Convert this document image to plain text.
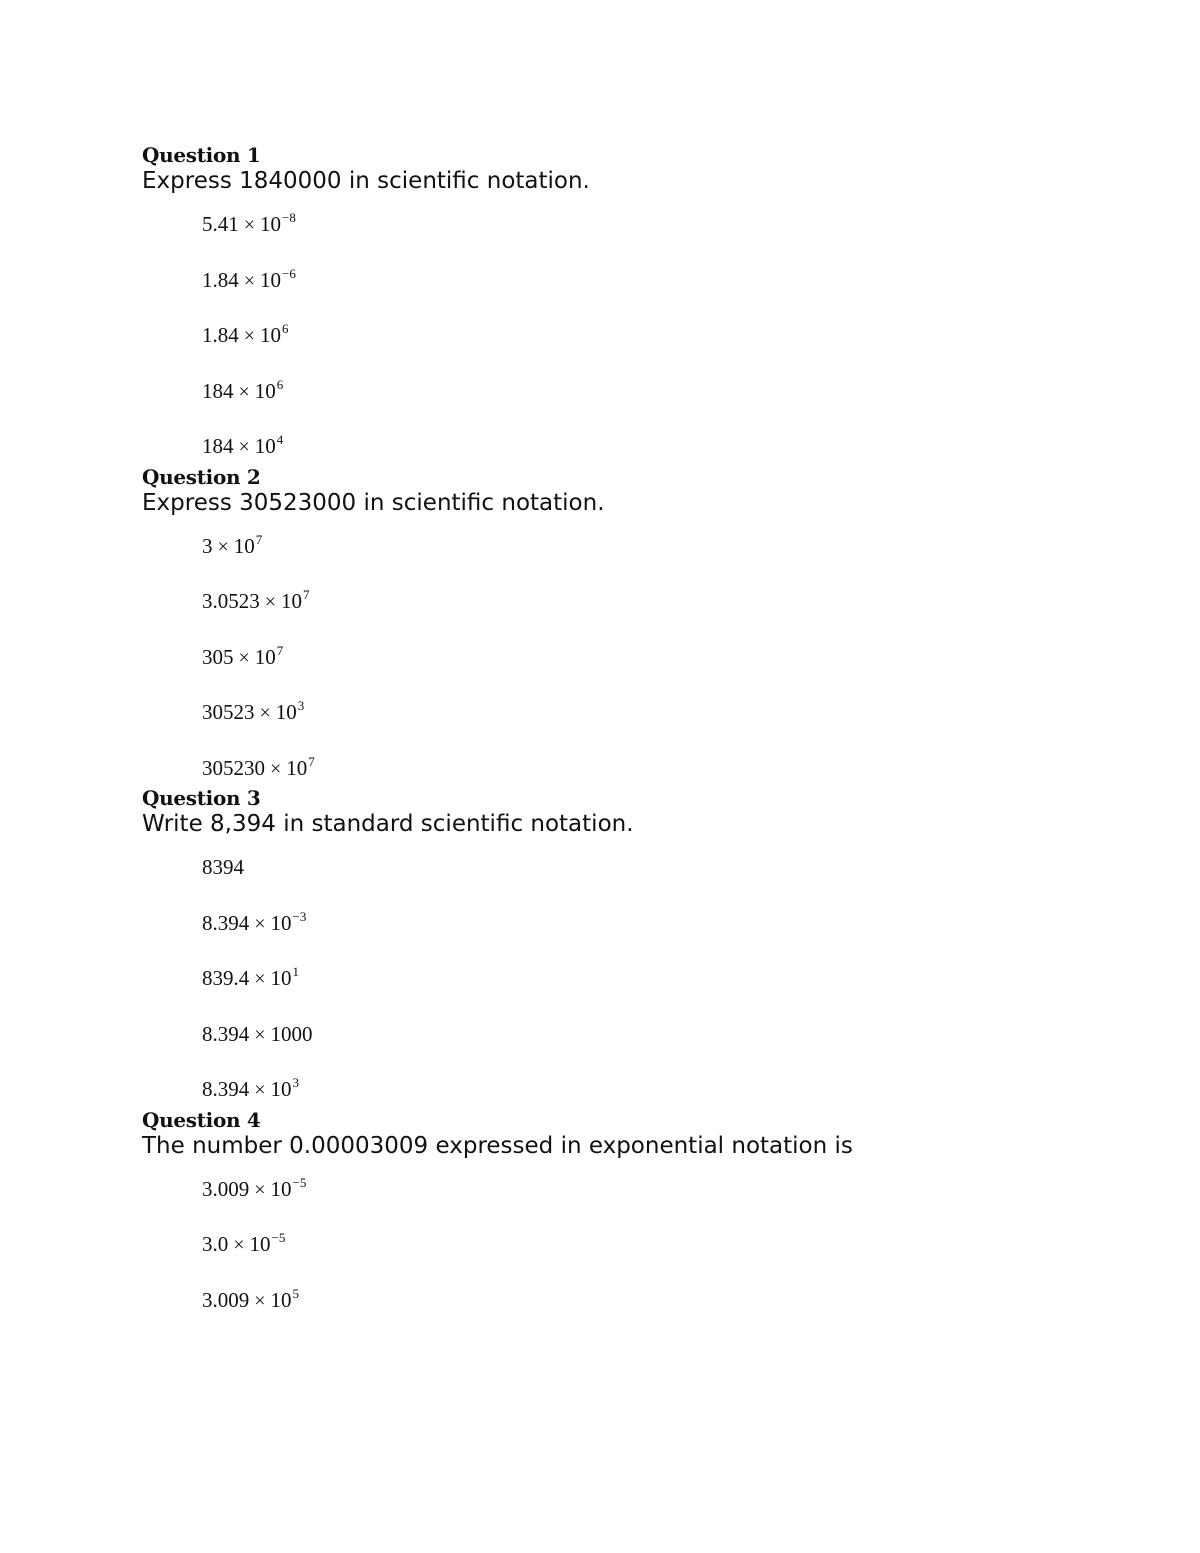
Question 1
Express 1840000 in scientific notation.
$5.41 \times 10^{-8}$
$1.84 \times 10^{-6}$
$1.84 \times 10^6$
$184 \times 10^6$
$184 \times 10^4$
Question 2
Express 30523000 in scientific notation.
$3 \times 10^7$
$3.0523 \times 10^7$
$305 \times 10^7$
$30523 \times 10^3$
$305230 \times 10^7$
Question 3
Write 8,394 in standard scientific notation.
8394
$8.394 \times 10^{-3}$
$839.4 \times 10^1$
8.394 × 1000
$8.394 \times 10^3$
Question 4
The number 0.00003009 expressed in exponential notation is
$3.009 \times 10^{-5}$
$3.0 \times 10^{-5}$
$3.009 \times 10^5$
